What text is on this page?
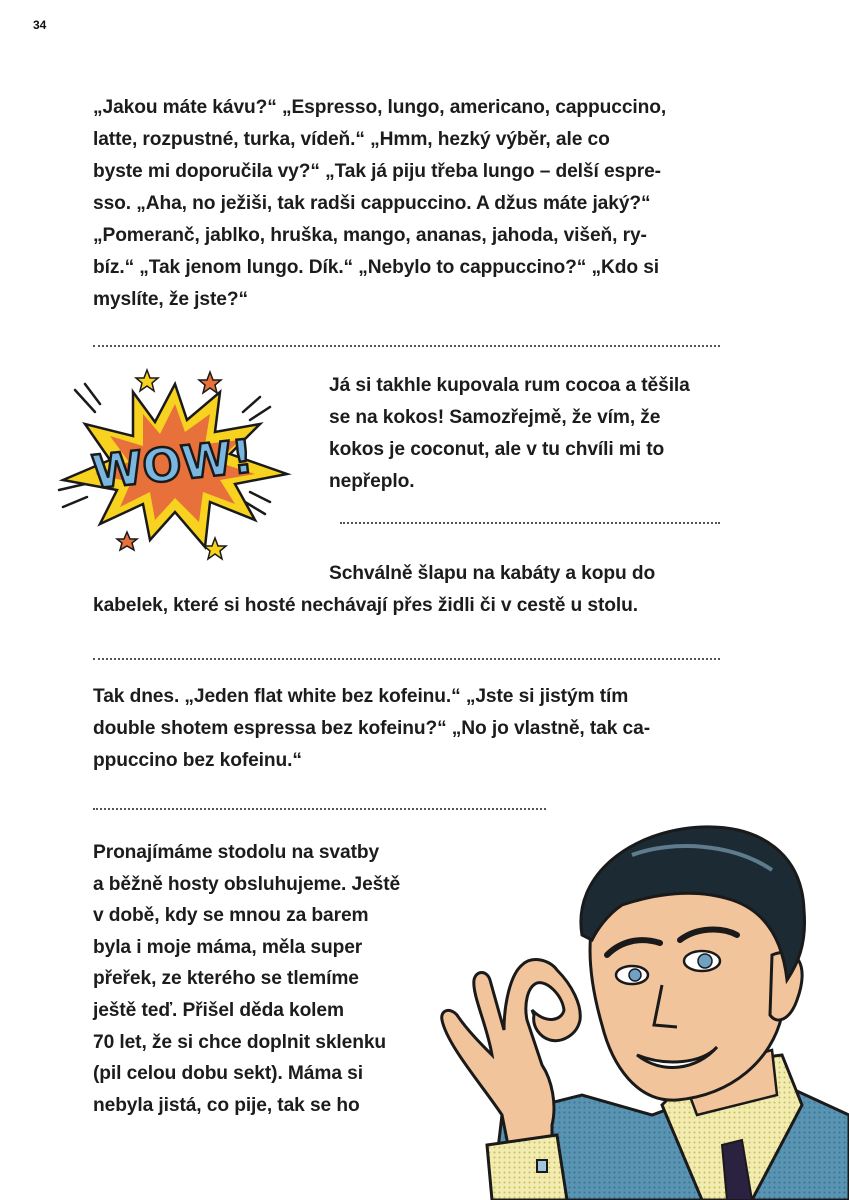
34

„Jakou máte kávu?“ „Espresso, lungo, americano, cappuccino,
latte, rozpustné, turka, vídeň.“ „Hmm, hezký výběr, ale co
byste mi doporučila vy?“ „Tak já piju třeba lungo – delší espre-
sso. „Aha, no ježiši, tak radši cappuccino. A džus máte jaký?“
„Pomeranč, jablko, hruška, mango, ananas, jahoda, višeň, ry-
bíz.“ „Tak jenom lungo. Dík.“ „Nebylo to cappuccino?“ „Kdo si
myslíte, že jste?“

WOW!

Já si takhle kupovala rum cocoa a těšila
se na kokos! Samozřejmě, že vím, že
kokos je coconut, ale v tu chvíli mi to
nepřeplo.

Schválně šlapu na kabáty a kopu do
kabelek, které si hosté nechávají přes židli či v cestě u stolu.

Tak dnes. „Jeden flat white bez kofeinu.“ „Jste si jistým tím
double shotem espressa bez kofeinu?“ „No jo vlastně, tak ca-
ppuccino bez kofeinu.“

Pronajímáme stodolu na svatby
a běžně hosty obsluhujeme. Ještě
v době, kdy se mnou za barem
byla i moje máma, měla super
přeřek, ze kterého se tlemíme
ještě teď. Přišel děda kolem
70 let, že si chce doplnit sklenku
(pil celou dobu sekt). Máma si
nebyla jistá, co pije, tak se ho
